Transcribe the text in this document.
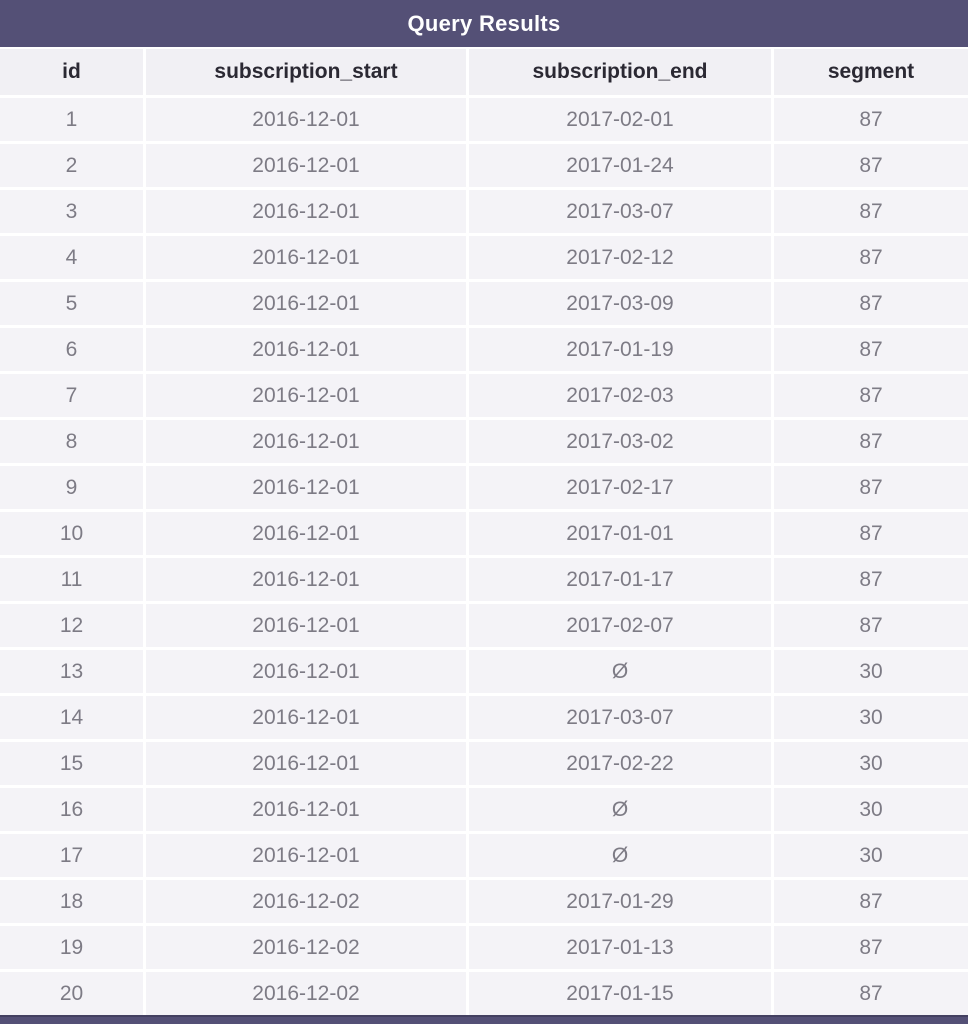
Query Results
id	subscription_start	subscription_end	segment
1	2016-12-01	2017-02-01	87
2	2016-12-01	2017-01-24	87
3	2016-12-01	2017-03-07	87
4	2016-12-01	2017-02-12	87
5	2016-12-01	2017-03-09	87
6	2016-12-01	2017-01-19	87
7	2016-12-01	2017-02-03	87
8	2016-12-01	2017-03-02	87
9	2016-12-01	2017-02-17	87
10	2016-12-01	2017-01-01	87
11	2016-12-01	2017-01-17	87
12	2016-12-01	2017-02-07	87
13	2016-12-01	Ø	30
14	2016-12-01	2017-03-07	30
15	2016-12-01	2017-02-22	30
16	2016-12-01	Ø	30
17	2016-12-01	Ø	30
18	2016-12-02	2017-01-29	87
19	2016-12-02	2017-01-13	87
20	2016-12-02	2017-01-15	87
